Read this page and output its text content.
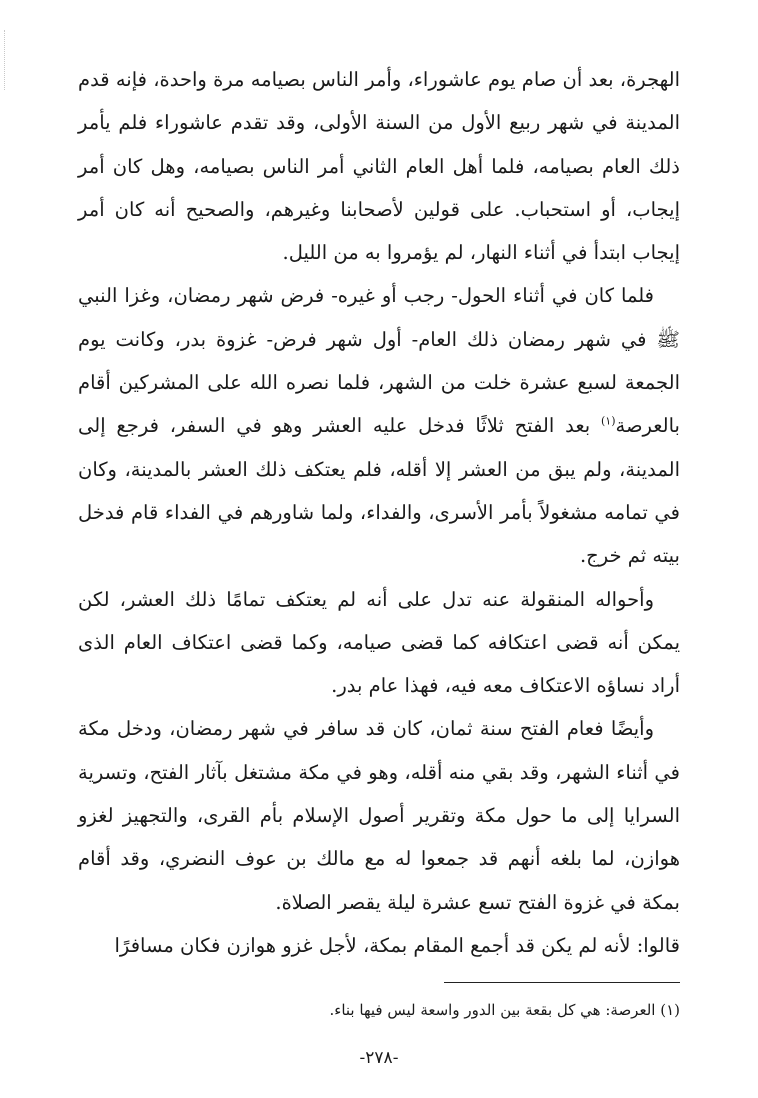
الهجرة، بعد أن صام يوم عاشوراء، وأمر الناس بصيامه مرة واحدة، فإنه قدم المدينة في شهر ربيع الأول من السنة الأولى، وقد تقدم عاشوراء فلم يأمر ذلك العام بصيامه، فلما أهل العام الثاني أمر الناس بصيامه، وهل كان أمر إيجاب، أو استحباب. على قولين لأصحابنا وغيرهم، والصحيح أنه كان أمر إيجاب ابتدأ في أثناء النهار، لم يؤمروا به من الليل.

فلما كان في أثناء الحول- رجب أو غيره- فرض شهر رمضان، وغزا النبي ﷺ في شهر رمضان ذلك العام- أول شهر فرض- غزوة بدر، وكانت يوم الجمعة لسبع عشرة خلت من الشهر، فلما نصره الله على المشركين أقام بالعرصة$^{(١)}$ بعد الفتح ثلاثًا فدخل عليه العشر وهو في السفر، فرجع إلى المدينة، ولم يبق من العشر إلا أقله، فلم يعتكف ذلك العشر بالمدينة، وكان في تمامه مشغولاً بأمر الأسرى، والفداء، ولما شاورهم في الفداء قام فدخل بيته ثم خرج.

وأحواله المنقولة عنه تدل على أنه لم يعتكف تمامًا ذلك العشر، لكن يمكن أنه قضى اعتكافه كما قضى صيامه، وكما قضى اعتكاف العام الذى أراد نساؤه الاعتكاف معه فيه، فهذا عام بدر.

وأيضًا فعام الفتح سنة ثمان، كان قد سافر في شهر رمضان، ودخل مكة في أثناء الشهر، وقد بقي منه أقله، وهو في مكة مشتغل بآثار الفتح، وتسرية السرايا إلى ما حول مكة وتقرير أصول الإسلام بأم القرى، والتجهيز لغزو هوازن، لما بلغه أنهم قد جمعوا له مع مالك بن عوف النضري، وقد أقام بمكة في غزوة الفتح تسع عشرة ليلة يقصر الصلاة.

قالوا: لأنه لم يكن قد أجمع المقام بمكة، لأجل غزو هوازن فكان مسافرًا

(١) العرصة: هي كل بقعة بين الدور واسعة ليس فيها بناء.
-٢٧٨-
